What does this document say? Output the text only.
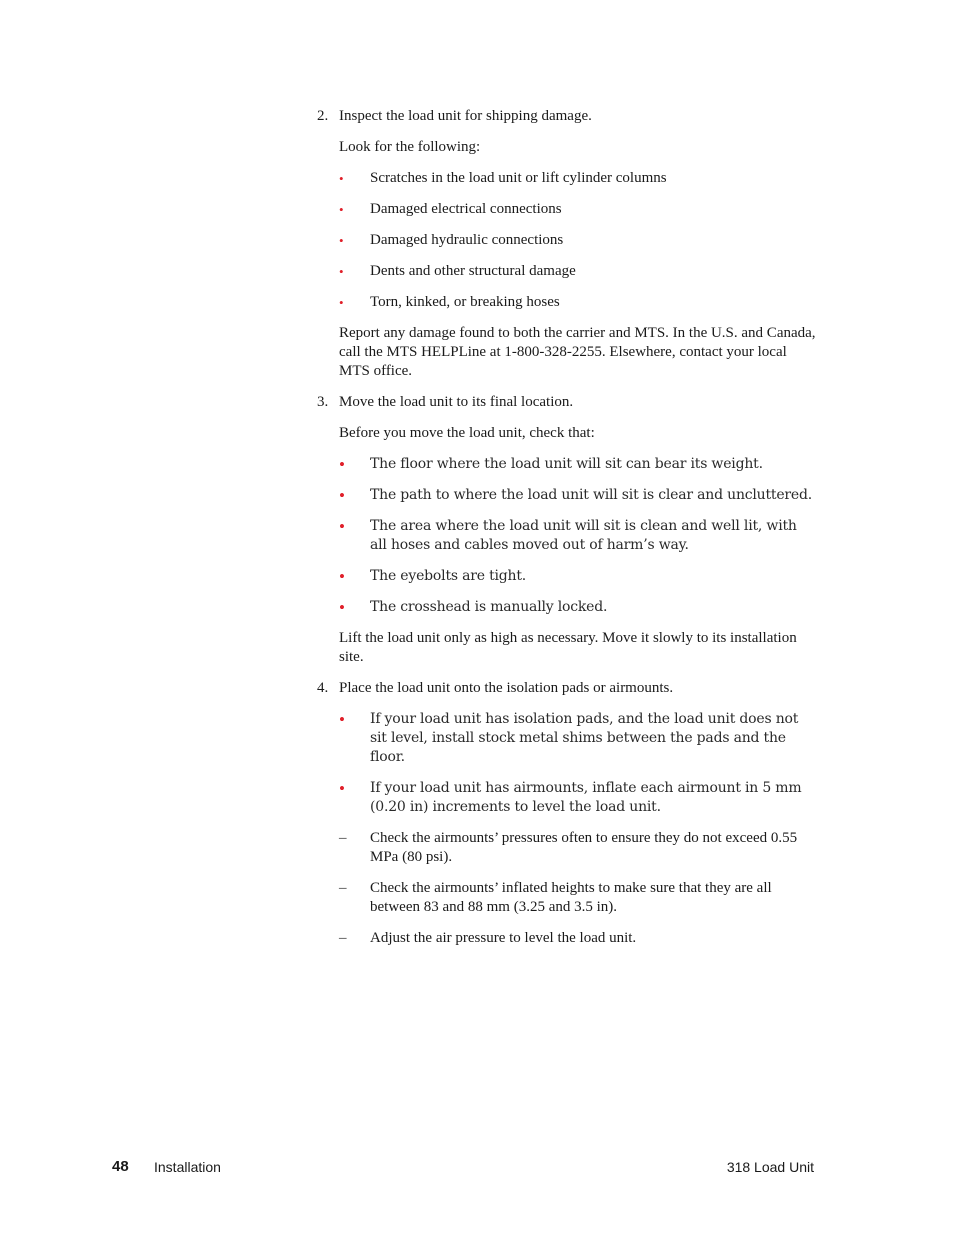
2. Inspect the load unit for shipping damage.

Look for the following:

• Scratches in the load unit or lift cylinder columns
• Damaged electrical connections
• Damaged hydraulic connections
• Dents and other structural damage
• Torn, kinked, or breaking hoses

Report any damage found to both the carrier and MTS. In the U.S. and Canada, call the MTS HELPLine at 1-800-328-2255. Elsewhere, contact your local MTS office.

3. Move the load unit to its final location.

Before you move the load unit, check that:

• The floor where the load unit will sit can bear its weight.
• The path to where the load unit will sit is clear and uncluttered.
• The area where the load unit will sit is clean and well lit, with all hoses and cables moved out of harm’s way.
• The eyebolts are tight.
• The crosshead is manually locked.

Lift the load unit only as high as necessary. Move it slowly to its installation site.

4. Place the load unit onto the isolation pads or airmounts.
• If your load unit has isolation pads, and the load unit does not sit level, install stock metal shims between the pads and the floor.
• If your load unit has airmounts, inflate each airmount in 5 mm (0.20 in) increments to level the load unit.
– Check the airmounts’ pressures often to ensure they do not exceed 0.55 MPa (80 psi).
– Check the airmounts’ inflated heights to make sure that they are all between 83 and 88 mm (3.25 and 3.5 in).
– Adjust the air pressure to level the load unit.
48 Installation	318 Load Unit
